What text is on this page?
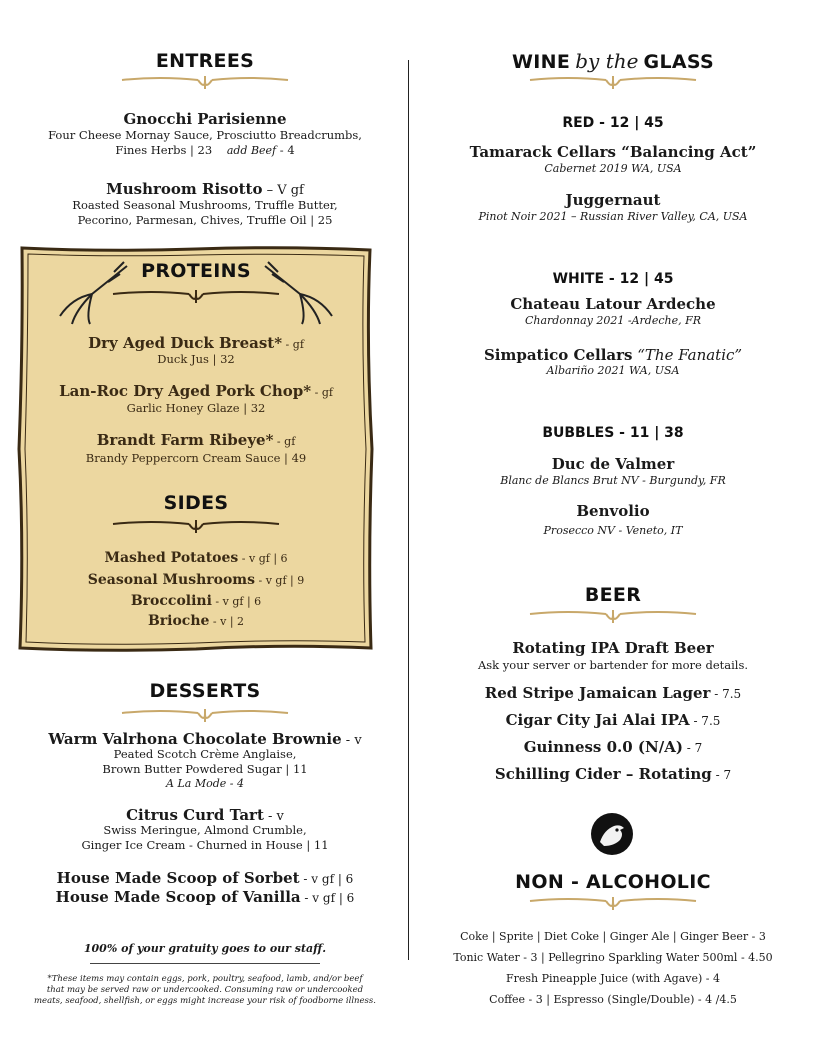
ENTREES
Gnocchi Parisienne
Four Cheese Mornay Sauce, Prosciutto Breadcrumbs,
Fines Herbs | 23 add Beef - 4
Mushroom Risotto – V gf
Roasted Seasonal Mushrooms, Truffle Butter,
Pecorino, Parmesan, Chives, Truffle Oil | 25
PROTEINS
Dry Aged Duck Breast* - gf
Duck Jus | 32
Lan-Roc Dry Aged Pork Chop* - gf
Garlic Honey Glaze | 32
Brandt Farm Ribeye* - gf
Brandy Peppercorn Cream Sauce | 49
SIDES
Mashed Potatoes - v gf | 6
Seasonal Mushrooms - v gf | 9
Broccolini - v gf | 6
Brioche - v | 2
DESSERTS
Warm Valrhona Chocolate Brownie - v
Peated Scotch Crème Anglaise,
Brown Butter Powdered Sugar | 11
A La Mode - 4
Citrus Curd Tart - v
Swiss Meringue, Almond Crumble,
Ginger Ice Cream - Churned in House | 11
House Made Scoop of Sorbet - v gf | 6
House Made Scoop of Vanilla - v gf | 6
100% of your gratuity goes to our staff.
*These items may contain eggs, pork, poultry, seafood, lamb, and/or beef
that may be served raw or undercooked. Consuming raw or undercooked
meats, seafood, shellfish, or eggs might increase your risk of foodborne illness.
WINE by the GLASS
RED - 12 | 45
Tamarack Cellars “Balancing Act”
Cabernet 2019 WA, USA
Juggernaut
Pinot Noir 2021 – Russian River Valley, CA, USA
WHITE - 12 | 45
Chateau Latour Ardeche
Chardonnay 2021 -Ardeche, FR
Simpatico Cellars “The Fanatic”
Albariño 2021 WA, USA
BUBBLES - 11 | 38
Duc de Valmer
Blanc de Blancs Brut NV - Burgundy, FR
Benvolio
Prosecco NV - Veneto, IT
BEER
Rotating IPA Draft Beer
Ask your server or bartender for more details.
Red Stripe Jamaican Lager - 7.5
Cigar City Jai Alai IPA - 7.5
Guinness 0.0 (N/A) - 7
Schilling Cider – Rotating - 7
NON - ALCOHOLIC
Coke | Sprite | Diet Coke | Ginger Ale | Ginger Beer - 3
Tonic Water - 3 | Pellegrino Sparkling Water 500ml - 4.50
Fresh Pineapple Juice (with Agave) - 4
Coffee - 3 | Espresso (Single/Double) - 4 /4.5
